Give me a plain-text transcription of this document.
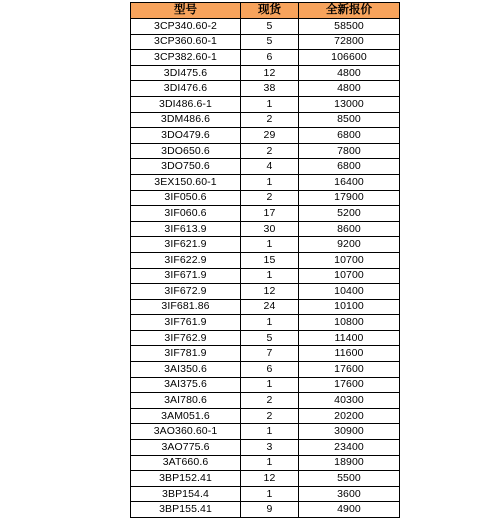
型号	现货	全新报价
3CP340.60-2	5	58500
3CP360.60-1	5	72800
3CP382.60-1	6	106600
3DI475.6	12	4800
3DI476.6	38	4800
3DI486.6-1	1	13000
3DM486.6	2	8500
3DO479.6	29	6800
3DO650.6	2	7800
3DO750.6	4	6800
3EX150.60-1	1	16400
3IF050.6	2	17900
3IF060.6	17	5200
3IF613.9	30	8600
3IF621.9	1	9200
3IF622.9	15	10700
3IF671.9	1	10700
3IF672.9	12	10400
3IF681.86	24	10100
3IF761.9	1	10800
3IF762.9	5	11400
3IF781.9	7	11600
3AI350.6	6	17600
3AI375.6	1	17600
3AI780.6	2	40300
3AM051.6	2	20200
3AO360.60-1	1	30900
3AO775.6	3	23400
3AT660.6	1	18900
3BP152.41	12	5500
3BP154.4	1	3600
3BP155.41	9	4900
